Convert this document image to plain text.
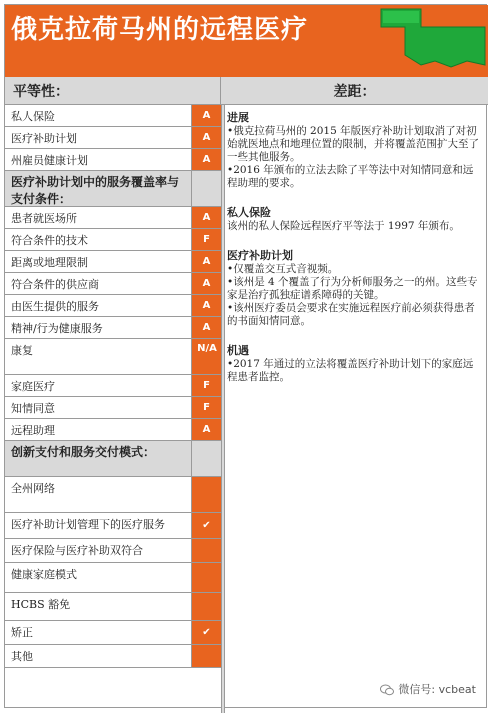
俄克拉荷马州的远程医疗
平等性：	差距：
私人保险	A
医疗补助计划	A
州雇员健康计划	A
医疗补助计划中的服务覆盖率与支付条件：
患者就医场所	A
符合条件的技术	F
距离或地理限制	A
符合条件的供应商	A
由医生提供的服务	A
精神/行为健康服务	A
康复	N/A
家庭医疗	F
知情同意	F
远程助理	A
创新支付和服务交付模式：
全州网络
医疗补助计划管理下的医疗服务	✔
医疗保险与医疗补助双符合
健康家庭模式
HCBS 豁免
矫正	✔
其他
进展

•俄克拉荷马州的 2015 年版医疗补助计划取消了对初始就医地点和地理位置的限制，并将覆盖范围扩大至了一些其他服务。

•2016 年颁布的立法去除了平等法中对知情同意和远程助理的要求。

私人保险

该州的私人保险远程医疗平等法于 1997 年颁布。

医疗补助计划

•仅覆盖交互式音视频。

•该州是 4 个覆盖了行为分析师服务之一的州。这些专家是治疗孤独症谱系障碍的关键。

•该州医疗委员会要求在实施远程医疗前必须获得患者的书面知情同意。

机遇

•2017 年通过的立法将覆盖医疗补助计划下的家庭远程患者监控。

微信号: vcbeat
